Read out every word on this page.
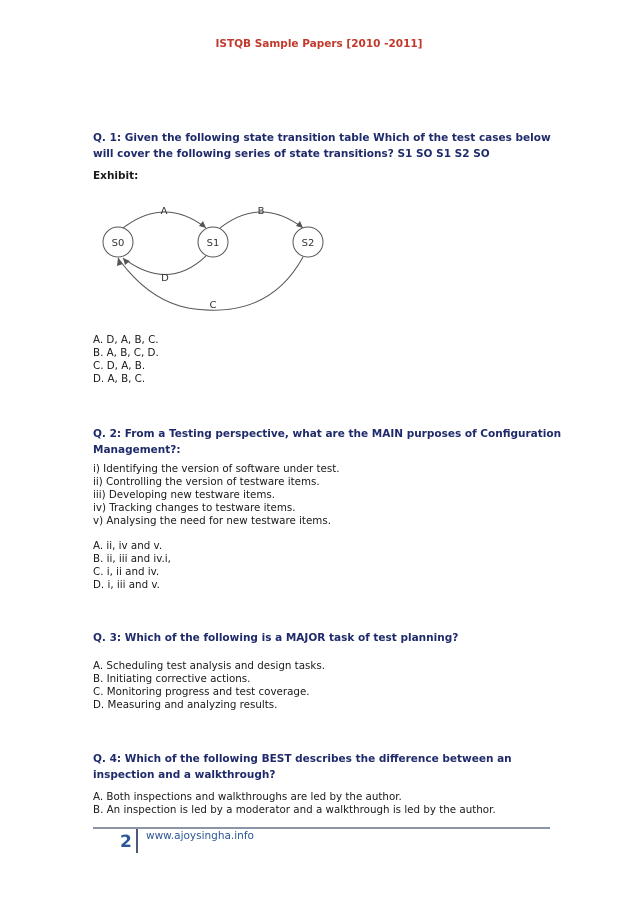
ISTQB Sample Papers [2010 -2011]
Q. 1: Given the following state transition table Which of the test cases below will cover the following series of state transitions? S1 SO S1 S2 SO
Exhibit:
S0	S1	S2
A	B
C
D
A. D, A, B, C.
B. A, B, C, D.
C. D, A, B.
D. A, B, C.
Q. 2: From a Testing perspective, what are the MAIN purposes of Configuration Management?:
i) Identifying the version of software under test.
ii) Controlling the version of testware items.
iii) Developing new testware items.
iv) Tracking changes to testware items.
v) Analysing the need for new testware items.
A. ii, iv and v.
B. ii, iii and iv.i,
C. i, ii and iv.
D. i, iii and v.
Q. 3: Which of the following is a MAJOR task of test planning?
A. Scheduling test analysis and design tasks.
B. Initiating corrective actions.
C. Monitoring progress and test coverage.
D. Measuring and analyzing results.
Q. 4: Which of the following BEST describes the difference between an inspection and a walkthrough?
A. Both inspections and walkthroughs are led by the author.
B. An inspection is led by a moderator and a walkthrough is led by the author.
2 www.ajoysingha.info
